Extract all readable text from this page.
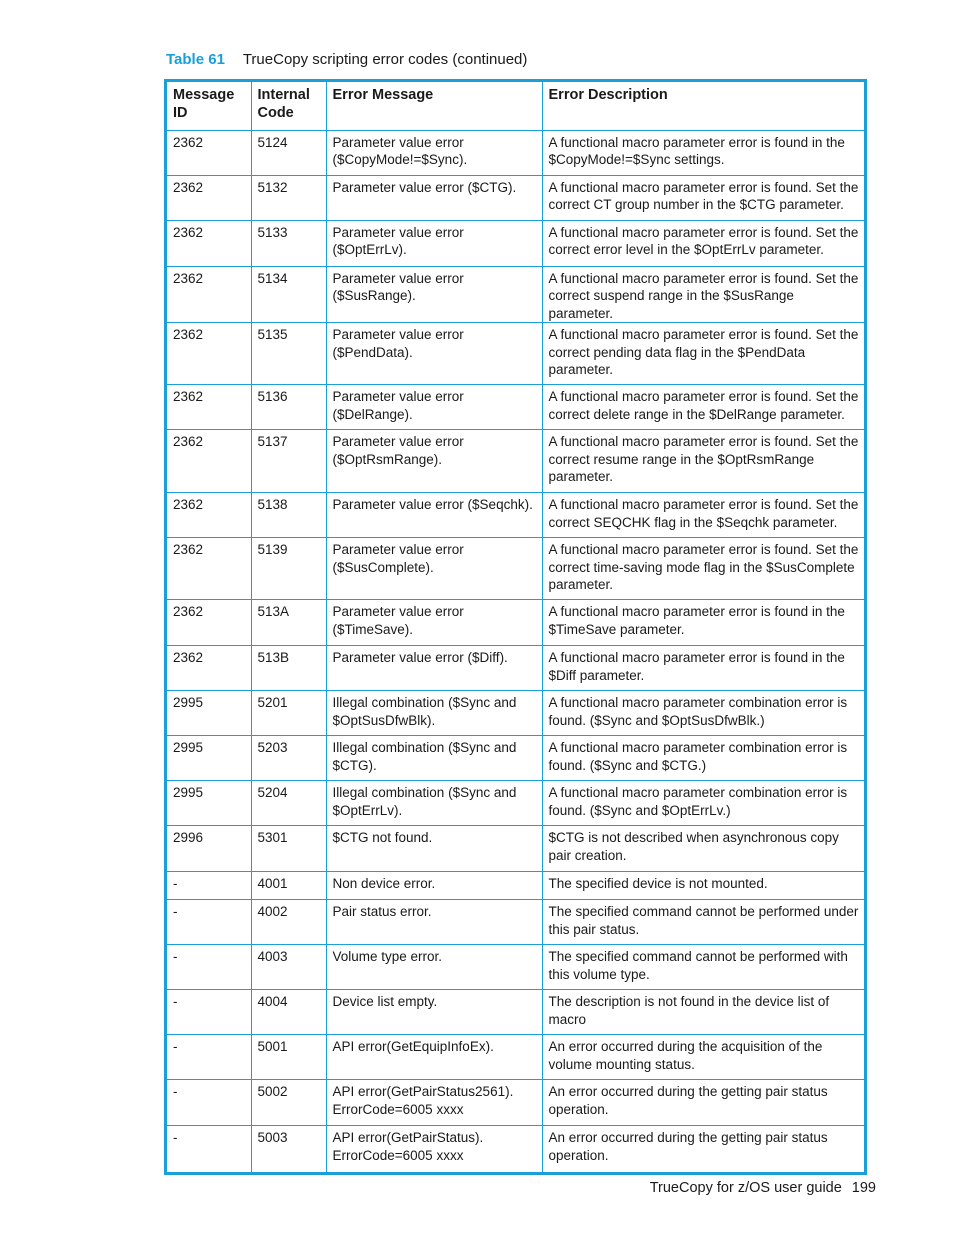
Table 61 TrueCopy scripting error codes (continued)
Message ID	Internal Code	Error Message	Error Description
2362	5124	Parameter value error ($CopyMode!=$Sync).	A functional macro parameter error is found in the $CopyMode!=$Sync settings.
2362	5132	Parameter value error ($CTG).	A functional macro parameter error is found. Set the correct CT group number in the $CTG parameter.
2362	5133	Parameter value error ($OptErrLv).	A functional macro parameter error is found. Set the correct error level in the $OptErrLv parameter.
2362	5134	Parameter value error ($SusRange).	A functional macro parameter error is found. Set the correct suspend range in the $SusRange parameter.
2362	5135	Parameter value error ($PendData).	A functional macro parameter error is found. Set the correct pending data flag in the $PendData parameter.
2362	5136	Parameter value error ($DelRange).	A functional macro parameter error is found. Set the correct delete range in the $DelRange parameter.
2362	5137	Parameter value error ($OptRsmRange).	A functional macro parameter error is found. Set the correct resume range in the $OptRsmRange parameter.
2362	5138	Parameter value error ($Seqchk).	A functional macro parameter error is found. Set the correct SEQCHK flag in the $Seqchk parameter.
2362	5139	Parameter value error ($SusComplete).	A functional macro parameter error is found. Set the correct time-saving mode flag in the $SusComplete parameter.
2362	513A	Parameter value error ($TimeSave).	A functional macro parameter error is found in the $TimeSave parameter.
2362	513B	Parameter value error ($Diff).	A functional macro parameter error is found in the $Diff parameter.
2995	5201	Illegal combination ($Sync and $OptSusDfwBlk).	A functional macro parameter combination error is found. ($Sync and $OptSusDfwBlk.)
2995	5203	Illegal combination ($Sync and $CTG).	A functional macro parameter combination error is found. ($Sync and $CTG.)
2995	5204	Illegal combination ($Sync and $OptErrLv).	A functional macro parameter combination error is found. ($Sync and $OptErrLv.)
2996	5301	$CTG not found.	$CTG is not described when asynchronous copy pair creation.
-	4001	Non device error.	The specified device is not mounted.
-	4002	Pair status error.	The specified command cannot be performed under this pair status.
-	4003	Volume type error.	The specified command cannot be performed with this volume type.
-	4004	Device list empty.	The description is not found in the device list of macro
-	5001	API error(GetEquipInfoEx).	An error occurred during the acquisition of the volume mounting status.
-	5002	API error(GetPairStatus2561). ErrorCode=6005 xxxx	An error occurred during the getting pair status operation.
-	5003	API error(GetPairStatus). ErrorCode=6005 xxxx	An error occurred during the getting pair status operation.
TrueCopy for z/OS user guide 199
